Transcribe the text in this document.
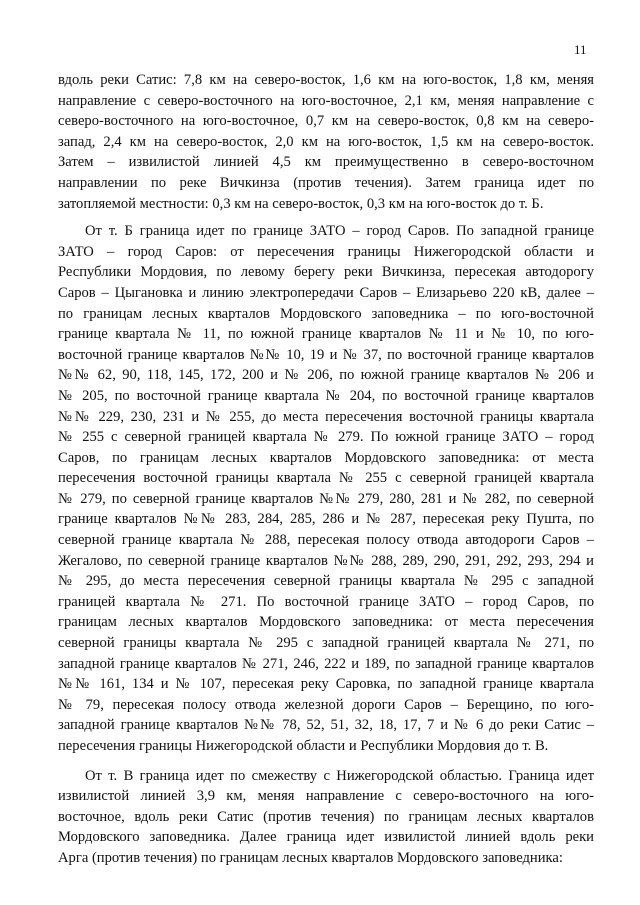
11
вдоль реки Сатис: 7,8 км на северо-восток, 1,6 км на юго-восток, 1,8 км, меняя
направление с северо-восточного на юго-восточное, 2,1 км, меняя направление с
северо-восточного на юго-восточное, 0,7 км на северо-восток, 0,8 км на северо-
запад, 2,4 км на северо-восток, 2,0 км на юго-восток, 1,5 км на северо-восток.
Затем – извилистой линией 4,5 км преимущественно в северо-восточном
направлении по реке Вичкинза (против течения). Затем граница идет по
затопляемой местности: 0,3 км на северо-восток, 0,3 км на юго-восток до т. Б.
От т. Б граница идет по границе ЗАТО – город Саров. По западной границе
ЗАТО – город Саров: от пересечения границы Нижегородской области и
Республики Мордовия, по левому берегу реки Вичкинза, пересекая автодорогу
Саров – Цыгановка и линию электропередачи Саров – Елизарьево 220 кВ, далее –
по границам лесных кварталов Мордовского заповедника – по юго-восточной
границе квартала № 11, по южной границе кварталов № 11 и № 10, по юго-
восточной границе кварталов №№ 10, 19 и № 37, по восточной границе кварталов
№№ 62, 90, 118, 145, 172, 200 и № 206, по южной границе кварталов № 206 и
№ 205, по восточной границе квартала № 204, по восточной границе кварталов
№№ 229, 230, 231 и № 255, до места пересечения восточной границы квартала
№ 255 с северной границей квартала № 279. По южной границе ЗАТО – город
Саров, по границам лесных кварталов Мордовского заповедника: от места
пересечения восточной границы квартала № 255 с северной границей квартала
№ 279, по северной границе кварталов №№ 279, 280, 281 и № 282, по северной
границе кварталов №№ 283, 284, 285, 286 и № 287, пересекая реку Пуштa, по
северной границе квартала № 288, пересекая полосу отвода автодороги Саров –
Жегалово, по северной границе кварталов №№ 288, 289, 290, 291, 292, 293, 294 и
№ 295, до места пересечения северной границы квартала № 295 с западной
границей квартала № 271. По восточной границе ЗАТО – город Саров, по
границам лесных кварталов Мордовского заповедника: от места пересечения
северной границы квартала № 295 с западной границей квартала № 271, по
западной границе кварталов № 271, 246, 222 и 189, по западной границе кварталов
№№ 161, 134 и № 107, пересекая реку Саровка, по западной границе квартала
№ 79, пересекая полосу отвода железной дороги Саров – Берещино, по юго-
западной границе кварталов №№ 78, 52, 51, 32, 18, 17, 7 и № 6 до реки Сатис –
пересечения границы Нижегородской области и Республики Мордовия до т. В.
От т. В граница идет по смежеству с Нижегородской областью. Граница идет
извилистой линией 3,9 км, меняя направление с северо-восточного на юго-
восточное, вдоль реки Сатис (против течения) по границам лесных кварталов
Мордовского заповедника. Далее граница идет извилистой линией вдоль реки
Арга (против течения) по границам лесных кварталов Мордовского заповедника:
